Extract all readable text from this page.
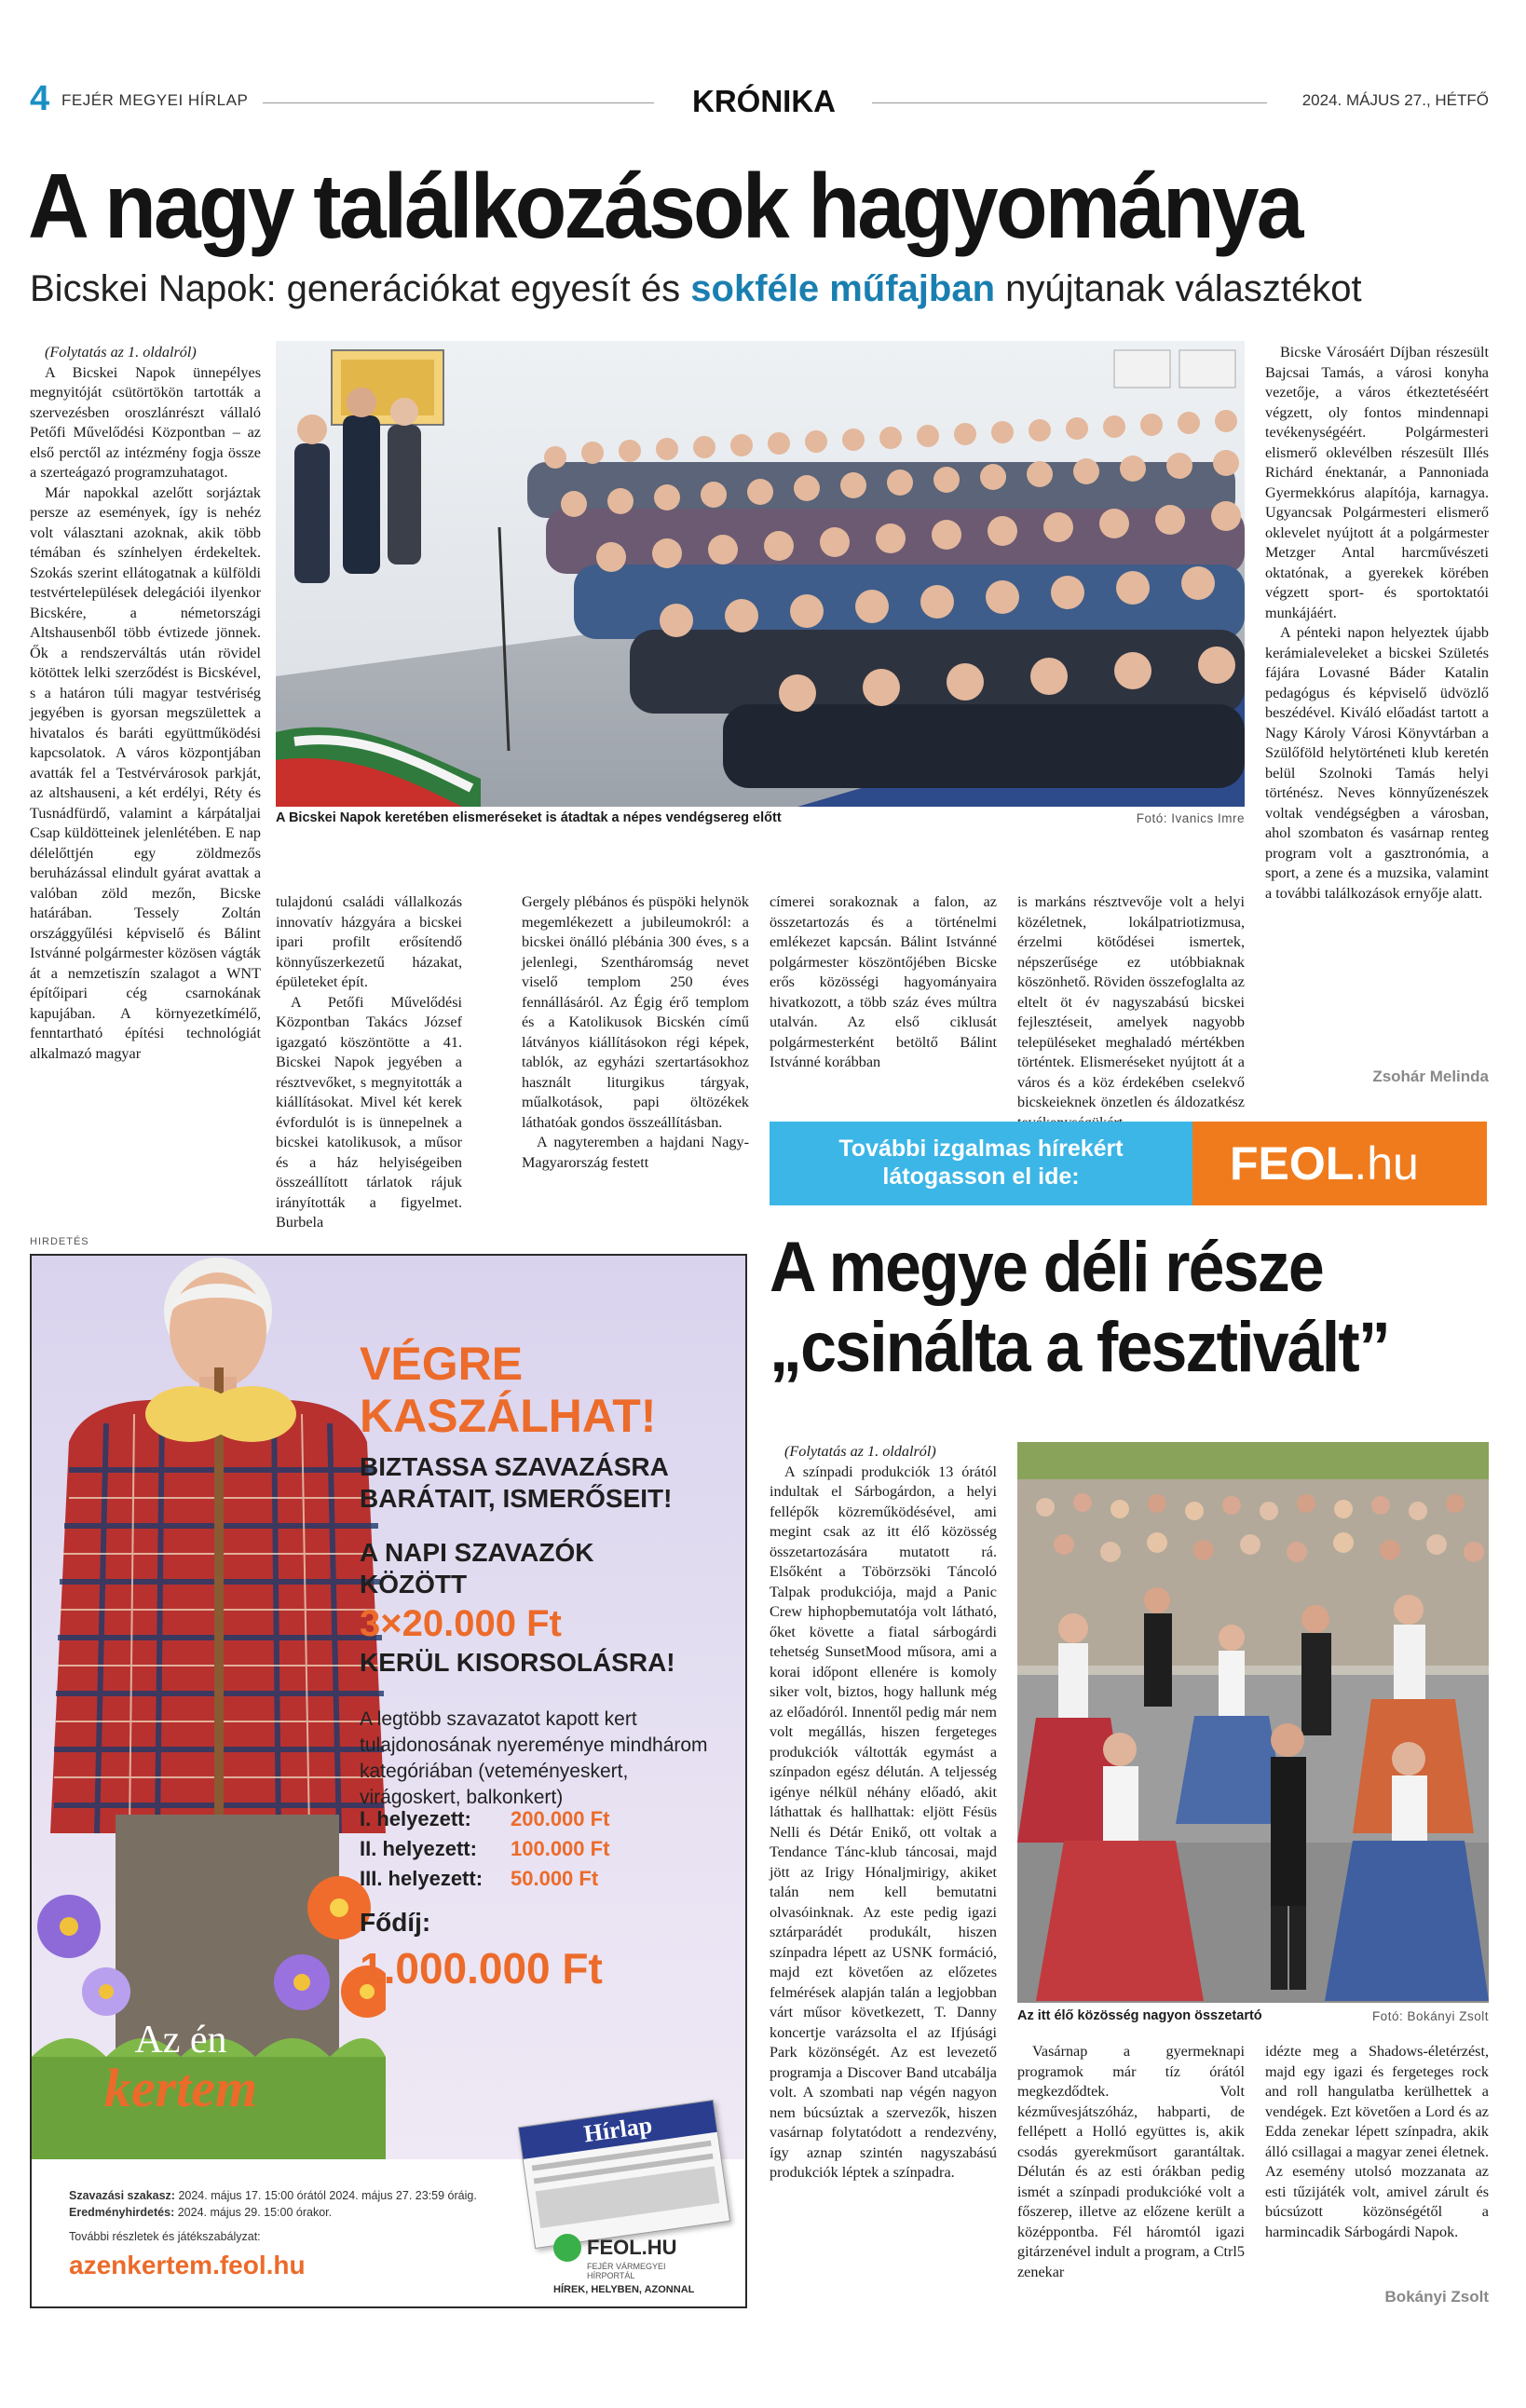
4 FEJÉR MEGYEI HÍRLAP	KRÓNIKA	2024. MÁJUS 27., HÉTFŐ
A nagy találkozások hagyománya
Bicskei Napok: generációkat egyesít és sokféle műfajban nyújtanak választékot

(Folytatás az 1. oldalról)

A Bicskei Napok ünnepélyes megnyitóját csütörtökön tartották a szervezésben oroszlánrészt vállaló Petőfi Művelődési Központban – az első perctől az intézmény fogja össze a szerteágazó programzuhatagot.

Már napokkal azelőtt sorjáztak persze az események, így is nehéz volt választani azoknak, akik több témában és színhelyen érdekeltek. Szokás szerint ellátogatnak a külföldi testvértelepülések delegációi ilyenkor Bicskére, a németországi Altshausenből több évtizede jönnek. Ők a rendszerváltás után rövidel kötöttek lelki szerződést is Bicskével, s a határon túli magyar testvériség jegyében is gyorsan megszülettek a hivatalos és baráti együttműködési kapcsolatok. A város központjában avatták fel a Testvérvárosok parkját, az altshauseni, a két erdélyi, Réty és Tusnádfürdő, valamint a kárpátaljai Csap küldötteinek jelenlétében. E nap délelőttjén egy zöldmezős beruházással elindult gyárat avattak a valóban zöld mezőn, Bicske határában. Tessely Zoltán országgyűlési képviselő és Bálint Istvánné polgármester közösen vágták át a nemzetiszín szalagot a WNT építőipari cég csarnokának kapujában. A környezetkímélő, fenntartható építési technológiát alkalmazó magyar

A Bicskei Napok keretében elismeréseket is átadtak a népes vendégsereg előtt	Fotó: Ivanics Imre

tulajdonú családi vállalkozás innovatív házgyára a bicskei ipari profilt erősítendő könnyűszerkezetű házakat, épületeket épít.

A Petőfi Művelődési Központban Takács József igazgató köszöntötte a 41. Bicskei Napok jegyében a résztvevőket, s megnyitották a kiállításokat. Mivel két kerek évfordulót is is ünnepelnek a bicskei katolikusok, a műsor és a ház helyiségeiben összeállított tárlatok rájuk irányították a figyelmet. Burbela

Gergely plébános és püspöki helynök megemlékezett a jubileumokról: a bicskei önálló plébánia 300 éves, s a jelenlegi, Szentháromság nevet viselő templom 250 éves fennállásáról. Az Égig érő templom és a Katolikusok Bicskén című látványos kiállításokon régi képek, tablók, az egyházi szertartásokhoz használt liturgikus tárgyak, műalkotások, papi öltözékek láthatóak gondos összeállításban.

A nagyteremben a hajdani Nagy-Magyarország festett

címerei sorakoznak a falon, az összetartozás és a történelmi emlékezet kapcsán. Bálint Istvánné polgármester köszöntőjében Bicske erős közösségi hagyományaira hivatkozott, a több száz éves múltra utalván. Az első ciklusát polgármesterként betöltő Bálint Istvánné korábban

is markáns résztvevője volt a helyi közéletnek, lokálpatriotizmusa, érzelmi kötődései ismertek, népszerűsége ez utóbbiaknak köszönhető. Röviden összefoglalta az eltelt öt év nagyszabású bicskei fejlesztéseit, amelyek nagyobb településeket meghaladó mértékben történtek. Elismeréseket nyújtott át a város és a köz érdekében cselekvő bicskeieknek önzetlen és áldozatkész

Bicske Városáért Díjban részesült Bajcsai Tamás, a városi konyha vezetője, a város étkeztetéséért végzett, oly fontos mindennapi tevékenységéért. Polgármesteri elismerő oklevélben részesült Illés Richárd énektanár, a Pannoniada Gyermekkórus alapítója, karnagya. Ugyancsak Polgármesteri elismerő oklevelet nyújtott át a polgármester Metzger Antal harcművészeti oktatónak, a gyerekek körében végzett sport- és sportoktatói munkájáért.

A pénteki napon helyeztek újabb kerámialeveleket a bicskei Születés fájára Lovasné Báder Katalin pedagógus és képviselő üdvözlő beszédével. Kiváló előadást tartott a Nagy Károly Városi Könyvtárban a Szülőföld helytörténeti klub keretén belül Szolnoki Tamás helyi történész. Neves könnyűzenészek voltak vendégségben a városban, ahol szombaton és vasárnap renteg program volt a gasztronómia, a sport, a zene és a muzsika, valamint a további találkozások ernyője alatt.

Zsohár Melinda
További izgalmas hírekért
látogasson el ide:	FEOL.hu
HIRDETÉS
Az én
kertem
VÉGRE
KASZÁLHAT!
BIZTASSA SZAVAZÁSRA
BARÁTAIT, ISMERŐSEIT!
A NAPI SZAVAZÓK
KÖZÖTT
3×20.000 Ft
KERÜL KISORSOLÁSRA!
A legtöbb szavazatot kapott kert tulajdonosának nyereménye mindhárom kategóriában (veteményeskert, virágoskert, balkonkert)
I. helyezett:	200.000 Ft
II. helyezett:	100.000 Ft
III. helyezett:	50.000 Ft
Fődíj:
1.000.000 Ft
Szavazási szakasz: 2024. május 17. 15:00 órától 2024. május 27. 23:59 óráig.
Eredményhirdetés: 2024. május 29. 15:00 órakor.
További részletek és játékszabályzat:
azenkertem.feol.hu
Hírlap
FEOL.HU
FEJÉR VÁRMEGYEI
HÍRPORTÁL
HÍREK, HELYBEN, AZONNAL
A megye déli része
„csinálta a fesztivált”

(Folytatás az 1. oldalról)

A színpadi produkciók 13 órától indultak el Sárbogárdon, a helyi fellépők közreműködésével, ami megint csak az itt élő közösség összetartozására mutatott rá. Elsőként a Töbörzsöki Táncoló Talpak produkciója, majd a Panic Crew hiphopbemutatója volt látható, őket követte a fiatal sárbogárdi tehetség SunsetMood műsora, ami a korai időpont ellenére is komoly siker volt, biztos, hogy hallunk még az előadóról. Innentől pedig már nem volt megállás, hiszen fergeteges produkciók váltották egymást a színpadon egész délután. A teljesség igénye nélkül néhány előadó, akit láthattak és hallhattak: eljött Fésüs Nelli és Détár Enikő, ott voltak a Tendance Tánc-klub táncosai, majd jött az Irigy Hónaljmirigy, akiket talán nem kell bemutatni olvasóinknak. Az este pedig igazi sztárparádét produkált, hiszen színpadra lépett az USNK formáció, majd ezt követően az előzetes felmérések alapján talán a legjobban várt műsor következett, T. Danny koncertje varázsolta el az Ifjúsági Park közönségét. Az est levezető programja a Discover Band utcabálja volt. A szombati nap végén nagyon nem búcsúztak a szervezők, hiszen vasárnap folytatódott a rendezvény, így aznap szintén nagyszabású produkciók léptek a színpadra.

Az itt élő közösség nagyon összetartó	Fotó: Bokányi Zsolt

Vasárnap a gyermeknapi programok már tíz órától megkezdődtek. Volt kézművesjátszóház, habparti, de fellépett a Holló együttes is, akik csodás gyerekműsort garantáltak. Délután és az esti órákban pedig ismét a színpadi produkcióké volt a főszerep, illetve az előzene került a középpontba. Fél háromtól igazi gitárzenével indult a program, a Ctrl5 zenekar

idézte meg a Shadows-életérzést, majd egy igazi és fergeteges rock and roll hangulatba kerülhettek a vendégek. Ezt követően a Lord és az Edda zenekar lépett színpadra, akik álló csillagai a magyar zenei életnek. Az esemény utolsó mozzanata az esti tűzijáték volt, amivel zárult és búcsúzott közönségétől a harmincadik Sárbogárdi Napok.

Bokányi Zsolt
